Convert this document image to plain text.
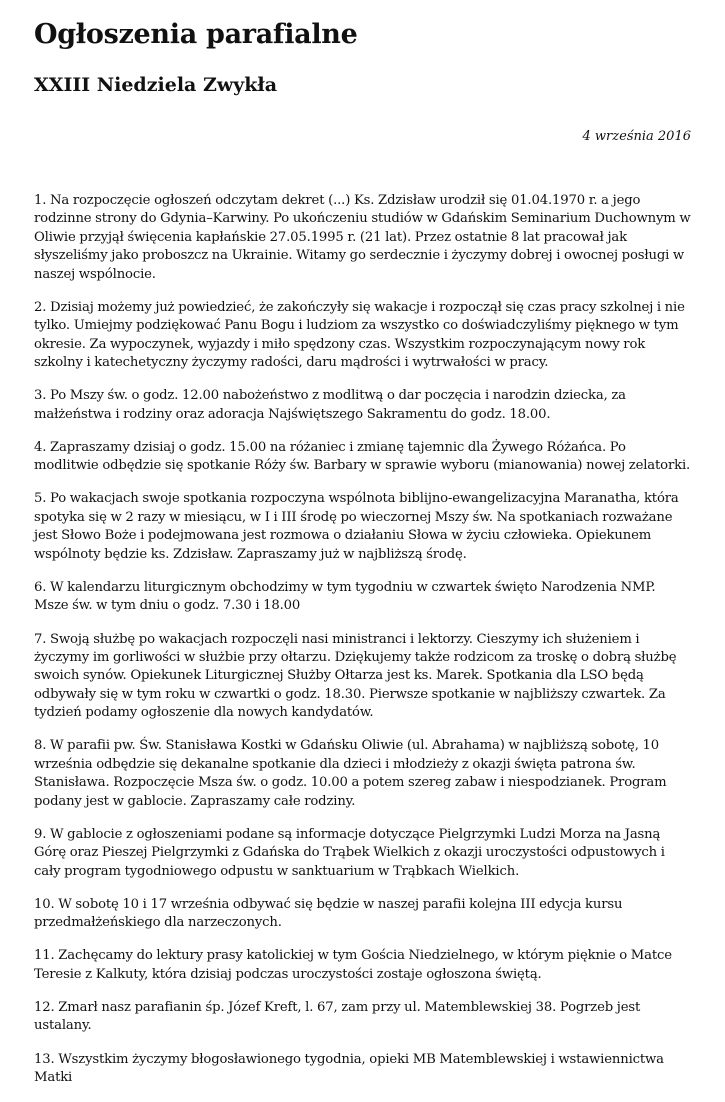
Ogłoszenia parafialne
XXIII Niedziela Zwykła
4 września 2016
1. Na rozpoczęcie ogłoszeń odczytam dekret (...) Ks. Zdzisław urodził się 01.04.1970 r. a jego rodzinne strony do Gdynia–Karwiny. Po ukończeniu studiów w Gdańskim Seminarium Duchownym w Oliwie przyjął święcenia kapłańskie 27.05.1995 r. (21 lat). Przez ostatnie 8 lat pracował jak słyszeliśmy jako proboszcz na Ukrainie. Witamy go serdecznie i życzymy dobrej i owocnej posługi w naszej wspólnocie.
2. Dzisiaj możemy już powiedzieć, że zakończyły się wakacje i rozpoczął się czas pracy szkolnej i nie tylko. Umiejmy podziękować Panu Bogu i ludziom za wszystko co doświadczyliśmy pięknego w tym okresie. Za wypoczynek, wyjazdy i miło spędzony czas. Wszystkim rozpoczynającym nowy rok szkolny i katechetyczny życzymy radości, daru mądrości i wytrwałości w pracy.
3. Po Mszy św. o godz. 12.00 nabożeństwo z modlitwą o dar poczęcia i narodzin dziecka, za małżeństwa i rodziny oraz adoracja Najświętszego Sakramentu do godz. 18.00.
4. Zapraszamy dzisiaj o godz. 15.00 na różaniec i zmianę tajemnic dla Żywego Różańca. Po modlitwie odbędzie się spotkanie Róży św. Barbary w sprawie wyboru (mianowania) nowej zelatorki.
5. Po wakacjach swoje spotkania rozpoczyna wspólnota biblijno-ewangelizacyjna Maranatha, która spotyka się w 2 razy w miesiącu, w I i III środę po wieczornej Mszy św. Na spotkaniach rozważane jest Słowo Boże i podejmowana jest rozmowa o działaniu Słowa w życiu człowieka. Opiekunem wspólnoty będzie ks. Zdzisław. Zapraszamy już w najbliższą środę.
6. W kalendarzu liturgicznym obchodzimy w tym tygodniu w czwartek święto Narodzenia NMP. Msze św. w tym dniu o godz. 7.30 i 18.00
7. Swoją służbę po wakacjach rozpoczęli nasi ministranci i lektorzy. Cieszymy ich służeniem i życzymy im gorliwości w służbie przy ołtarzu. Dziękujemy także rodzicom za troskę o dobrą służbę swoich synów. Opiekunek Liturgicznej Służby Ołtarza jest ks. Marek. Spotkania dla LSO będą odbywały się w tym roku w czwartki o godz. 18.30. Pierwsze spotkanie w najbliższy czwartek. Za tydzień podamy ogłoszenie dla nowych kandydatów.
8. W parafii pw. Św. Stanisława Kostki w Gdańsku Oliwie (ul. Abrahama) w najbliższą sobotę, 10 września odbędzie się dekanalne spotkanie dla dzieci i młodzieży z okazji święta patrona św. Stanisława. Rozpoczęcie Msza św. o godz. 10.00 a potem szereg zabaw i niespodzianek. Program podany jest w gablocie. Zapraszamy całe rodziny.
9. W gablocie z ogłoszeniami podane są informacje dotyczące Pielgrzymki Ludzi Morza na Jasną Górę oraz Pieszej Pielgrzymki z Gdańska do Trąbek Wielkich z okazji uroczystości odpustowych i cały program tygodniowego odpustu w sanktuarium w Trąbkach Wielkich.
10. W sobotę 10 i 17 września odbywać się będzie w naszej parafii kolejna III edycja kursu przedmałżeńskiego dla narzeczonych.
11. Zachęcamy do lektury prasy katolickiej w tym Gościa Niedzielnego, w którym pięknie o Matce Teresie z Kalkuty, która dzisiaj podczas uroczystości zostaje ogłoszona świętą.
12. Zmarł nasz parafianin śp. Józef Kreft, l. 67, zam przy ul. Matemblewskiej 38. Pogrzeb jest ustalany.
13. Wszystkim życzymy błogosławionego tygodnia, opieki MB Matemblewskiej i wstawiennictwa Matki
